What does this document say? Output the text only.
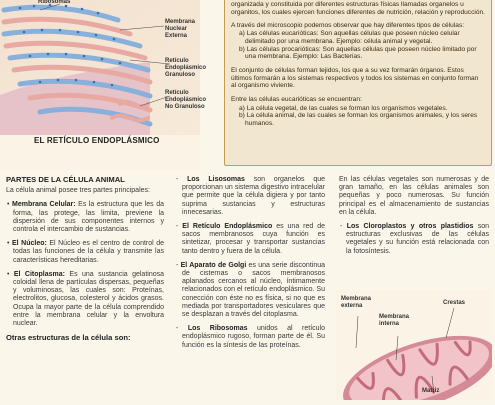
Ribosomas
Membrana
Nuclear
Externa
Retículo
Endoplásmico
Granuloso
Retículo
Endoplásmico
No Granuloso
EL RETÍCULO ENDOPLÁSMICO

organizada y constituida por diferentes estructuras físicas llamadas organelos u organitos, los cuales ejercen funciones diferentes de nutrición, relación y reproducción.

A través del microscopio podemos observar que hay diferentes tipos de células:

a) Las células eucarióticas: Son aquellas células que poseen núcleo celular delimitado por una membrana. Ejemplo: célula animal y vegetal.
b) Las células procarióticas: Son aquellas células que poseen núcleo limitado por una membrana. Ejemplo: Las Bacterias.

El conjunto de células forman tejidos, los que a su vez formarán órganos. Estos últimos formarán a los sistemas respectivos y todos los sistemas en conjunto forman al organismo viviente.

Entre las células eucarióticas se encuentran:

a) La célula vegetal, de las cuales se forman los organismos vegetales.
b) La célula animal, de las cuales se forman los organismos animales, y los seres humanos.
PARTES DE LA CÉLULA ANIMAL

La célula animal posee tres partes principales:

• Membrana Celular: Es la estructura que les da forma, las protege, las limita, previene la dispersión de sus componentes internos y controla el intercambio de sustancias.

• El Núcleo: El Núcleo es el centro de control de todas las funciones de la célula y transmite las características hereditarias.

• El Citoplasma: Es una sustancia gelatinosa coloidal llena de partículas dispersas, pequeñas y voluminosas, las cuales son: Proteínas, electrolitos, glucosa, colesterol y ácidos grasos. Ocupa la mayor parte de la célula comprendido entre la membrana celular y la envoltura nuclear.

Otras estructuras de la célula son:

- Los Lisosomas son organelos que proporcionan un sistema digestivo intracelular que permite que la célula digiera y por tanto suprima sustancias y estructuras innecesarias.

- El Retículo Endoplásmico es una red de sacos membranosos cuya función es sintetizar, procesar y transportar sustancias tanto dentro y fuera de la célula.

- El Aparato de Golgi es una serie discontinua de cisternas o sacos membranosos aplanados cercanos al núcleo, íntimamente relacionados con el retículo endoplásmico. Su conección con éste no es física, si no que es mediada por transportadores vesiculares que se desplazan a través del citoplasma.

- Los Ribosomas unidos al retículo endoplásmico rugoso, forman parte de él. Su función es la síntesis de las proteínas.

En las células vegetales son numerosas y de gran tamaño, en las células animales son pequeñas y poco numerosas. Su función principal es el almacenamiento de sustancias en la célula.

- Los Cloroplastos y otros plastidios son estructuras exclusivas de las células vegetales y su función está relacionada con la fotosíntesis.

Membrana
externa	Crestas
Membrana
interna
Matriz
